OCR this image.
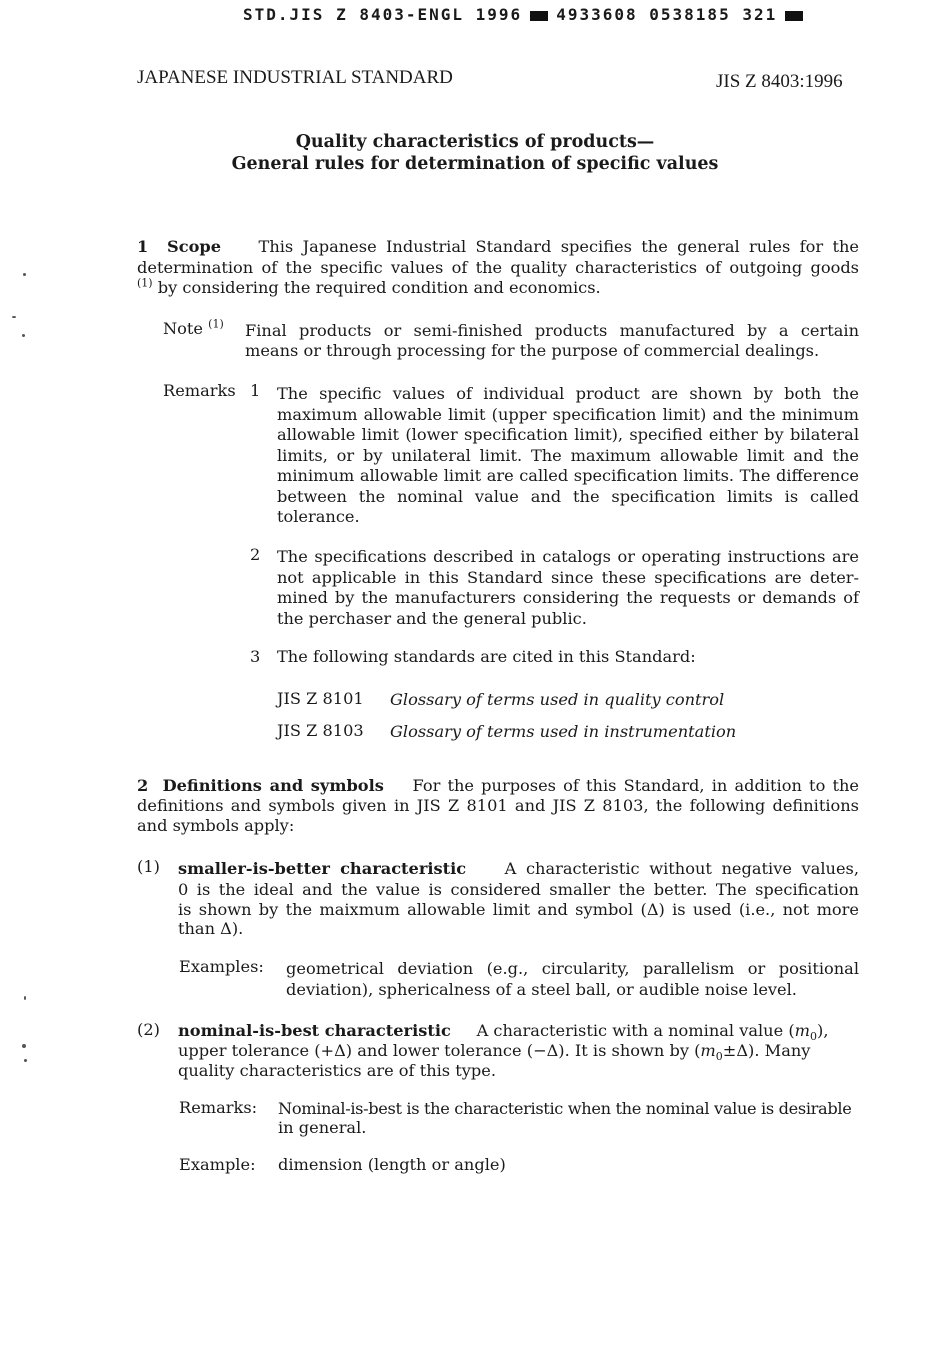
STD.JIS Z 8403-ENGL 1996 4933608 0538185 321
JAPANESE INDUSTRIAL STANDARD	JIS Z 8403:1996
Quality characteristics of products—
General rules for determination of specific values
1 Scope This Japanese Industrial Standard specifies the general rules for the
determination of the specific values of the quality characteristics of outgoing goods
$^{(1)}$ by considering the required condition and economics.
Note $^{(1)}$ Final products or semi-finished products manufactured by a certain
means or through processing for the purpose of commercial dealings.
Remarks 1 The specific values of individual product are shown by both the
maximum allowable limit (upper specification limit) and the minimum
allowable limit (lower specification limit), specified either by bilateral
limits, or by unilateral limit. The maximum allowable limit and the
minimum allowable limit are called specification limits. The difference
between the nominal value and the specification limits is called
tolerance.
2 The specifications described in catalogs or operating instructions are
not applicable in this Standard since these specifications are deter-
mined by the manufacturers considering the requests or demands of
the perchaser and the general public.
3 The following standards are cited in this Standard:
JIS Z 8101 Glossary of terms used in quality control
JIS Z 8103 Glossary of terms used in instrumentation
2 Definitions and symbols For the purposes of this Standard, in addition to the
definitions and symbols given in JIS Z 8101 and JIS Z 8103, the following definitions
and symbols apply:
(1) smaller-is-better characteristic A characteristic without negative values,
0 is the ideal and the value is considered smaller the better. The specification
is shown by the maixmum allowable limit and symbol (Δ) is used (i.e., not more
than Δ).
Examples: geometrical deviation (e.g., circularity, parallelism or positional
deviation), sphericalness of a steel ball, or audible noise level.
(2) nominal-is-best characteristic A characteristic with a nominal value $(m_0)$,
upper tolerance (+Δ) and lower tolerance (−Δ). It is shown by $(m_0\pm\Delta)$. Many
quality characteristics are of this type.
Remarks: Nominal-is-best is the characteristic when the nominal value is desirable
in general.
Example: dimension (length or angle)
